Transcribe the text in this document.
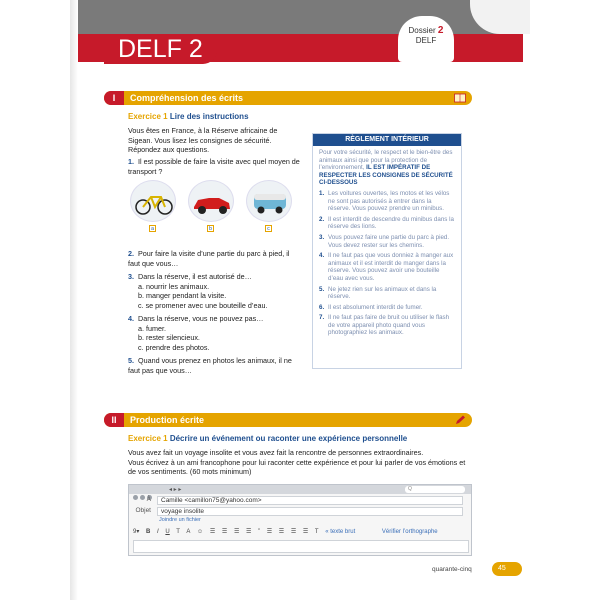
DELF 2
Dossier 2
DELF
I	Compréhension des écrits
Exercice 1 Lire des instructions
Vous êtes en France, à la Réserve africaine de Sigean. Vous lisez les consignes de sécurité. Répondez aux questions.
1. Il est possible de faire la visite avec quel moyen de transport ?
a	b	c
2. Pour faire la visite d’une partie du parc à pied, il faut que vous…
3. Dans la réserve, il est autorisé de…
a. nourrir les animaux.
b. manger pendant la visite.
c. se promener avec une bouteille d’eau.
4. Dans la réserve, vous ne pouvez pas…
a. fumer.
b. rester silencieux.
c. prendre des photos.
5. Quand vous prenez en photos les animaux, il ne faut pas que vous…
RÈGLEMENT INTÉRIEUR
Pour votre sécurité, le respect et le bien-être des animaux ainsi que pour la protection de l’environnement, IL EST IMPÉRATIF DE RESPECTER LES CONSIGNES DE SÉCURITÉ CI-DESSOUS
1. Les voitures ouvertes, les motos et les vélos ne sont pas autorisés à entrer dans la réserve. Vous pouvez prendre un minibus.
2. Il est interdit de descendre du minibus dans la réserve des lions.
3. Vous pouvez faire une partie du parc à pied. Vous devez rester sur les chemins.
4. Il ne faut pas que vous donniez à manger aux animaux et il est interdit de manger dans la réserve. Vous pouvez avoir une bouteille d’eau avec vous.
5. Ne jetez rien sur les animaux et dans la réserve.
6. Il est absolument interdit de fumer.
7. Il ne faut pas faire de bruit ou utiliser le flash de votre appareil photo quand vous photographiez les animaux.
II	Production écrite
Exercice 1 Décrire un événement ou raconter une expérience personnelle
Vous avez fait un voyage insolite et vous avez fait la rencontre de personnes extraordinaires.
Vous écrivez à un ami francophone pour lui raconter cette expérience et pour lui parler de vos émotions et de vos sentiments. (60 mots minimum)
◂ ▸ ▸	Q
À	Camille <camillon75@yahoo.com>
Objet	voyage insolite
Joindre un fichier
9▾ B I U T A ☺ ☰ ☰ ☰ ☰ ” ☰ ☰ ☰ ☰ T « texte brut	Vérifier l’orthographe
quarante-cinq	45
